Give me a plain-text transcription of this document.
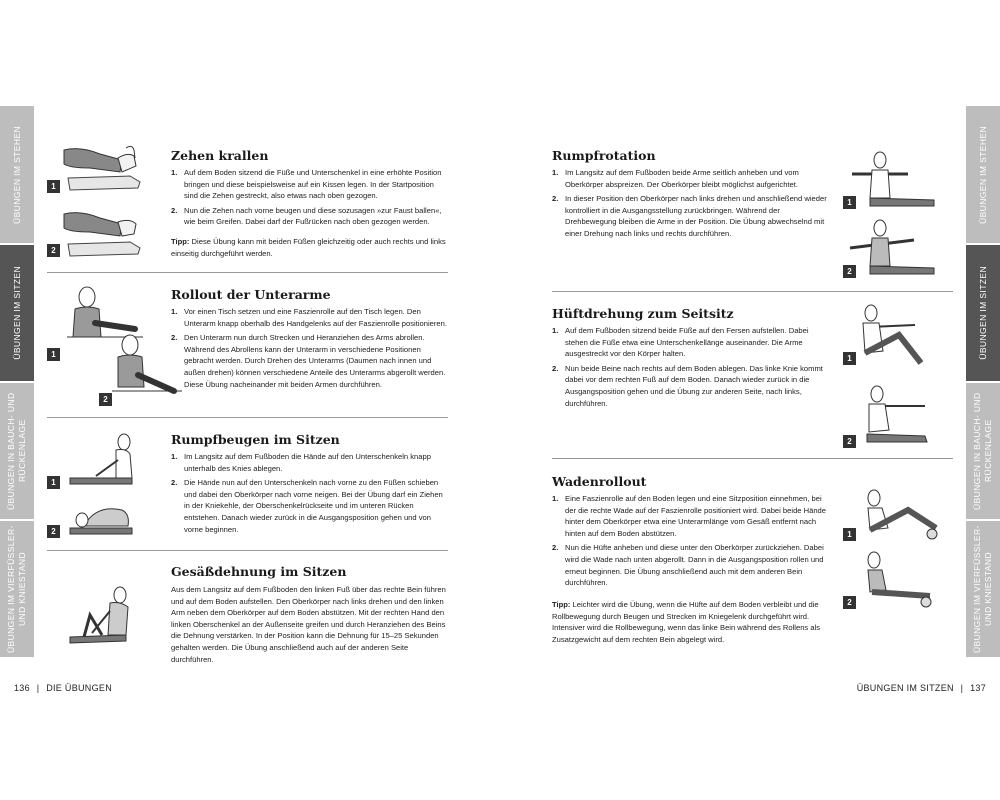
ÜBUNGEN IM STEHEN
ÜBUNGEN IM SITZEN
ÜBUNGEN IN BAUCH- UND RÜCKENLAGE
ÜBUNGEN IM VIERFÜSSLER- UND KNIESTAND
ÜBUNGEN IM STEHEN
ÜBUNGEN IM SITZEN
ÜBUNGEN IN BAUCH- UND RÜCKENLAGE
ÜBUNGEN IM VIERFÜSSLER- UND KNIESTAND
1
2
Zehen krallen
1. Auf dem Boden sitzend die Füße und Unterschenkel in eine erhöhte Position bringen und diese beispielsweise auf ein Kissen legen. In der Startposition sind die Zehen gestreckt, also etwas nach oben gezogen.
2. Nun die Zehen nach vorne beugen und diese sozusagen »zur Faust ballen«, wie beim Greifen. Dabei darf der Fußrücken nach oben gezogen werden.
Tipp: Diese Übung kann mit beiden Füßen gleichzeitig oder auch rechts und links einseitig durchgeführt werden.
1
2
Rollout der Unterarme
1. Vor einen Tisch setzen und eine Faszienrolle auf den Tisch legen. Den Unterarm knapp oberhalb des Handgelenks auf der Faszienrolle positionieren.
2. Den Unterarm nun durch Strecken und Heranziehen des Arms abrollen. Während des Abrollens kann der Unterarm in verschiedene Positionen gebracht werden. Durch Drehen des Unterarms (Daumen nach innen und außen drehen) können verschiedene Anteile des Unterarms abgerollt werden. Diese Übung nacheinander mit beiden Armen durchführen.
1
2
Rumpfbeugen im Sitzen
1. Im Langsitz auf dem Fußboden die Hände auf den Unterschenkeln knapp unterhalb des Knies ablegen.
2. Die Hände nun auf den Unterschenkeln nach vorne zu den Füßen schieben und dabei den Oberkörper nach vorne neigen. Bei der Übung darf ein Ziehen in der Kniekehle, der Oberschenkelrückseite und im unteren Rücken entstehen. Danach wieder zurück in die Ausgangsposition gehen und von vorne beginnen.
Gesäßdehnung im Sitzen
Aus dem Langsitz auf dem Fußboden den linken Fuß über das rechte Bein führen und auf dem Boden aufstellen. Den Oberkörper nach links drehen und den linken Arm neben dem Oberkörper auf dem Boden abstützen. Mit der rechten Hand den linken Oberschenkel an der Außenseite greifen und durch Heranziehen des Beins die Dehnung verstärken. In der Position kann die Dehnung für 15–25 Sekunden gehalten werden. Die Übung anschließend auch auf der anderen Seite durchführen.
136 | DIE ÜBUNGEN
Rumpfrotation
1. Im Langsitz auf dem Fußboden beide Arme seitlich anheben und vom Oberkörper abspreizen. Der Oberkörper bleibt möglichst aufgerichtet.
2. In dieser Position den Oberkörper nach links drehen und anschließend wieder kontrolliert in die Ausgangsstellung zurückbringen. Während der Drehbewegung bleiben die Arme in der Position. Die Übung abwechselnd mit einer Drehung nach links und rechts durchführen.
1
2
Hüftdrehung zum Seitsitz
1. Auf dem Fußboden sitzend beide Füße auf den Fersen aufstellen. Dabei stehen die Füße etwa eine Unterschenkellänge auseinander. Die Arme ausgestreckt vor den Körper halten.
2. Nun beide Beine nach rechts auf dem Boden ablegen. Das linke Knie kommt dabei vor dem rechten Fuß auf dem Boden. Danach wieder zurück in die Ausgangsposition gehen und die Übung zur anderen Seite, nach links, durchführen.
1
2
Wadenrollout
1. Eine Faszienrolle auf den Boden legen und eine Sitzposition einnehmen, bei der die rechte Wade auf der Faszienrolle positioniert wird. Dabei beide Hände hinter dem Oberkörper etwa eine Unterarmlänge vom Gesäß entfernt nach hinten auf dem Boden abstützen.
2. Nun die Hüfte anheben und diese unter den Oberkörper zurückziehen. Dabei wird die Wade nach unten abgerollt. Dann in die Ausgangsposition rollen und erneut beginnen. Die Übung anschließend auch mit dem anderen Bein durchführen.
Tipp: Leichter wird die Übung, wenn die Hüfte auf dem Boden verbleibt und die Rollbewegung durch Beugen und Strecken im Kniegelenk durchgeführt wird. Intensiver wird die Rollbewegung, wenn das linke Bein während des Rollens als Zusatzgewicht auf dem rechten Bein abgelegt wird.
1
2
ÜBUNGEN IM SITZEN | 137
